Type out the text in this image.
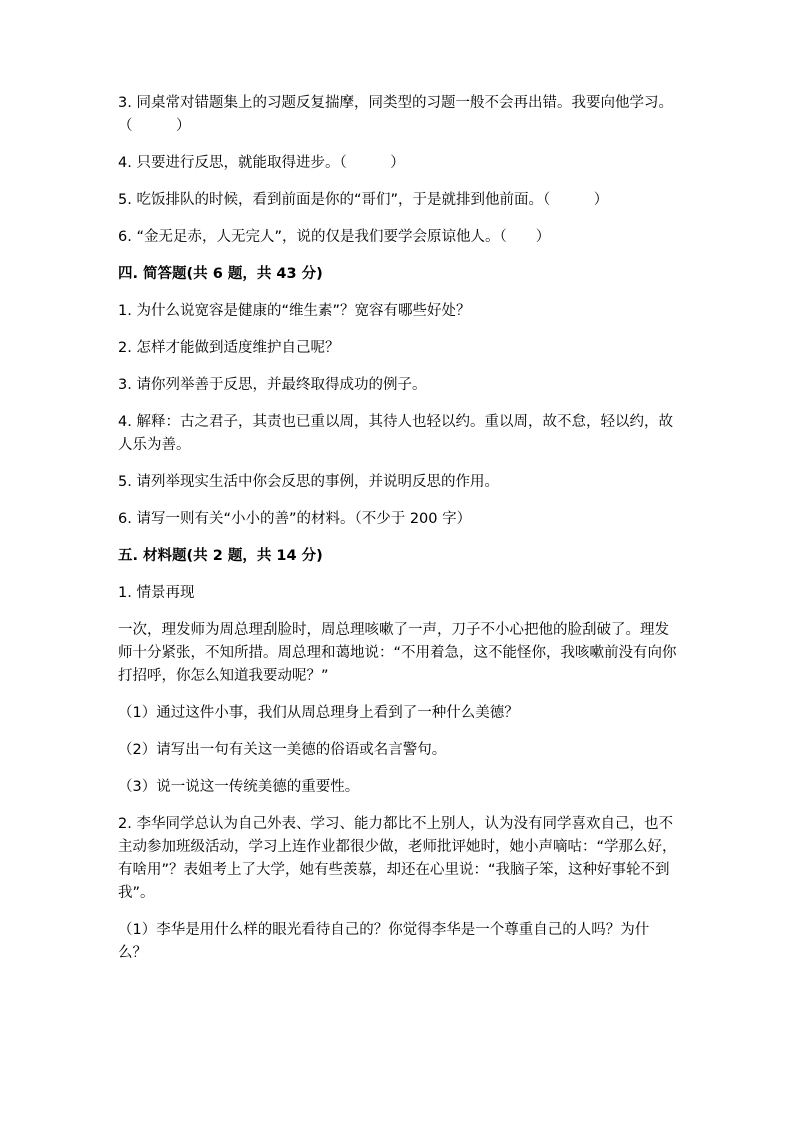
3. 同桌常对错题集上的习题反复揣摩，同类型的习题一般不会再出错。我要向他学习。（　　　）

4. 只要进行反思，就能取得进步。（　　　）

5. 吃饭排队的时候，看到前面是你的“哥们”，于是就排到他前面。（　　　）

6. “金无足赤，人无完人”，说的仅是我们要学会原谅他人。（　　）

四. 简答题(共 6 题，共 43 分)

1. 为什么说宽容是健康的“维生素”？宽容有哪些好处？

2. 怎样才能做到适度维护自己呢？

3. 请你列举善于反思，并最终取得成功的例子。

4. 解释：古之君子，其责也已重以周，其待人也轻以约。重以周，故不怠，轻以约，故人乐为善。

5. 请列举现实生活中你会反思的事例，并说明反思的作用。

6. 请写一则有关“小小的善”的材料。（不少于 200 字）

五. 材料题(共 2 题，共 14 分)

1. 情景再现

一次，理发师为周总理刮脸时，周总理咳嗽了一声，刀子不小心把他的脸刮破了。理发师十分紧张，不知所措。周总理和蔼地说：“不用着急，这不能怪你，我咳嗽前没有向你打招呼，你怎么知道我要动呢？”

（1）通过这件小事，我们从周总理身上看到了一种什么美德？

（2）请写出一句有关这一美德的俗语或名言警句。

（3）说一说这一传统美德的重要性。

2. 李华同学总认为自己外表、学习、能力都比不上别人，认为没有同学喜欢自己，也不主动参加班级活动，学习上连作业都很少做，老师批评她时，她小声嘀咕：“学那么好，有啥用”？表姐考上了大学，她有些羡慕，却还在心里说：“我脑子笨，这种好事轮不到我”。

（1）李华是用什么样的眼光看待自己的？你觉得李华是一个尊重自己的人吗？为什么？
